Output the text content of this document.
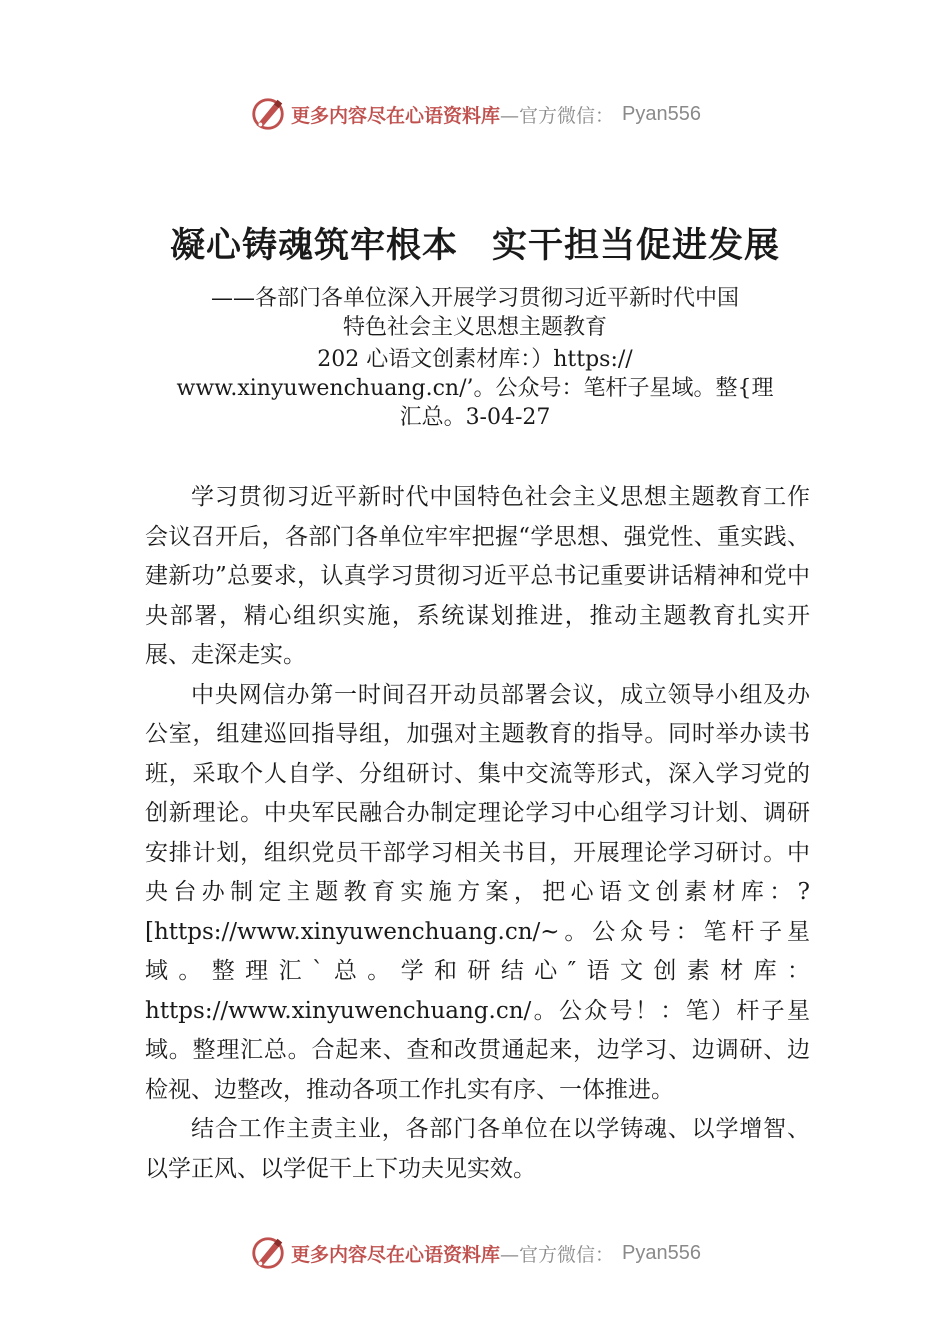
更多内容尽在心语资料库 —官方微信： Pyan556
凝心铸魂筑牢根本 实干担当促进发展
——各部门各单位深入开展学习贯彻习近平新时代中国
特色社会主义思想主题教育
202 心语文创素材库：）https://
www.xinyuwenchuang.cn/’。公众号：笔杆子星域。整{理
汇总。3-04-27

学习贯彻习近平新时代中国特色社会主义思想主题教育工作会议召开后，各部门各单位牢牢把握“学思想、强党性、重实践、建新功”总要求，认真学习贯彻习近平总书记重要讲话精神和党中央部署，精心组织实施，系统谋划推进，推动主题教育扎实开展、走深走实。

中央网信办第一时间召开动员部署会议，成立领导小组及办公室，组建巡回指导组，加强对主题教育的指导。同时举办读书班，采取个人自学、分组研讨、集中交流等形式，深入学习党的创新理论。中央军民融合办制定理论学习中心组学习计划、调研安排计划，组织党员干部学习相关书目，开展理论学习研讨。中央台办制定主题教育实施方案，把心语文创素材库：?[https://www.xinyuwenchuang.cn/~。公众号：笔杆子星域。整理汇`总。学和研结心″语文创素材库：https://www.xinyuwenchuang.cn/。公众号！：笔）杆子星域。整理汇总。合起来、查和改贯通起来，边学习、边调研、边检视、边整改，推动各项工作扎实有序、一体推进。

结合工作主责主业，各部门各单位在以学铸魂、以学增智、以学正风、以学促干上下功夫见实效。

更多内容尽在心语资料库 —官方微信： Pyan556
